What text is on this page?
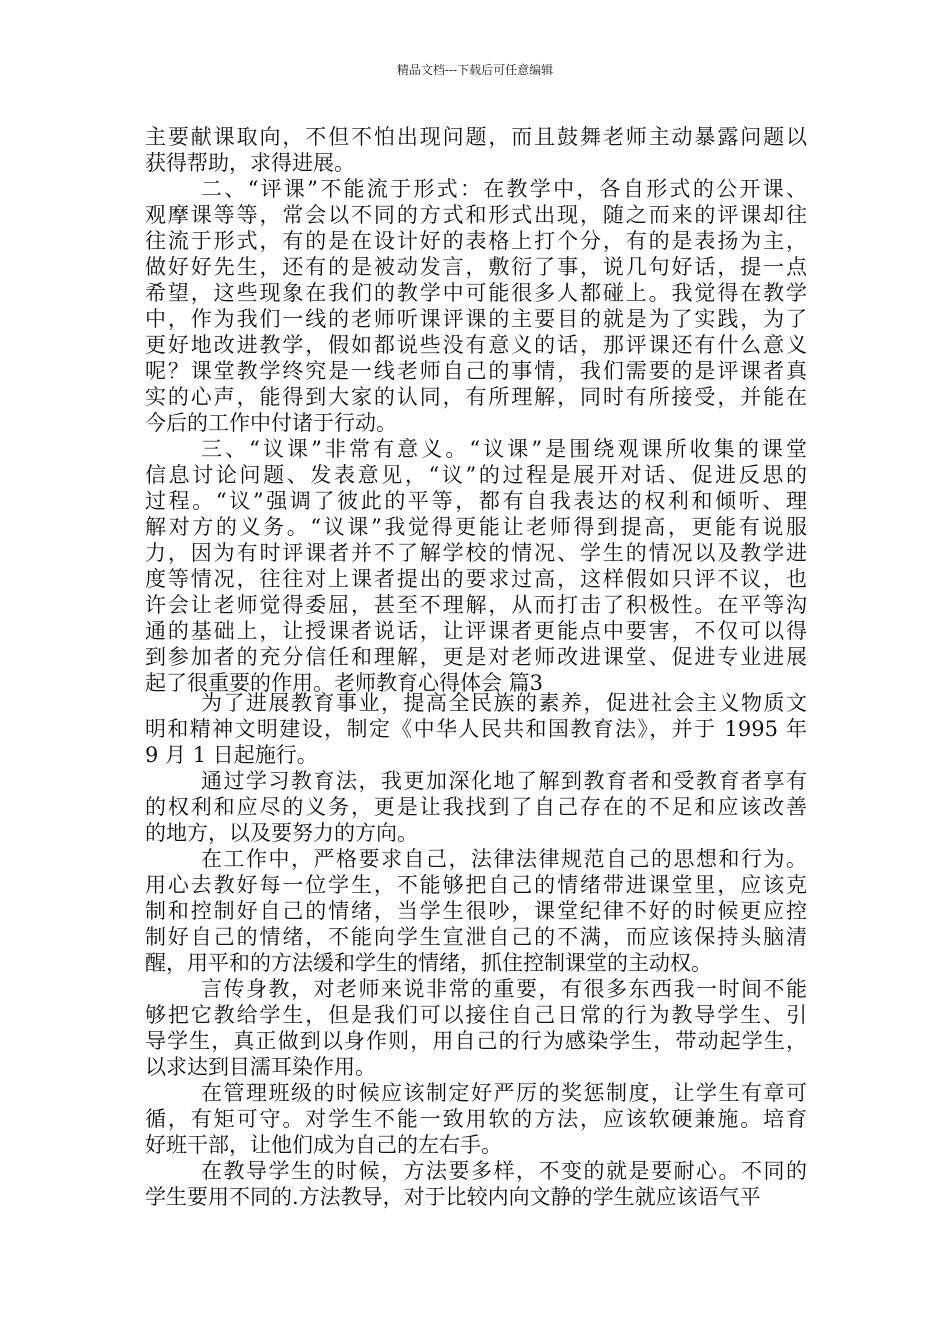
精品文档---下载后可任意编辑
主要献课取向，不但不怕出现问题，而且鼓舞老师主动暴露问题以
获得帮助，求得进展。
二、“评课”不能流于形式：在教学中，各自形式的公开课、
观摩课等等，常会以不同的方式和形式出现，随之而来的评课却往
往流于形式，有的是在设计好的表格上打个分，有的是表扬为主，
做好好先生，还有的是被动发言，敷衍了事，说几句好话，提一点
希望，这些现象在我们的教学中可能很多人都碰上。我觉得在教学
中，作为我们一线的老师听课评课的主要目的就是为了实践，为了
更好地改进教学，假如都说些没有意义的话，那评课还有什么意义
呢？课堂教学终究是一线老师自己的事情，我们需要的是评课者真
实的心声，能得到大家的认同，有所理解，同时有所接受，并能在
今后的工作中付诸于行动。
三、“议课”非常有意义。“议课”是围绕观课所收集的课堂
信息讨论问题、发表意见，“议”的过程是展开对话、促进反思的
过程。“议”强调了彼此的平等，都有自我表达的权利和倾听、理
解对方的义务。“议课”我觉得更能让老师得到提高，更能有说服
力，因为有时评课者并不了解学校的情况、学生的情况以及教学进
度等情况，往往对上课者提出的要求过高，这样假如只评不议，也
许会让老师觉得委屈，甚至不理解，从而打击了积极性。在平等沟
通的基础上，让授课者说话，让评课者更能点中要害，不仅可以得
到参加者的充分信任和理解，更是对老师改进课堂、促进专业进展
起了很重要的作用。老师教育心得体会 篇3
为了进展教育事业，提高全民族的素养，促进社会主义物质文
明和精神文明建设，制定《中华人民共和国教育法》，并于 1995 年
9 月 1 日起施行。
通过学习教育法，我更加深化地了解到教育者和受教育者享有
的权利和应尽的义务，更是让我找到了自己存在的不足和应该改善
的地方，以及要努力的方向。
在工作中，严格要求自己，法律法律规范自己的思想和行为。
用心去教好每一位学生，不能够把自己的情绪带进课堂里，应该克
制和控制好自己的情绪，当学生很吵，课堂纪律不好的时候更应控
制好自己的情绪，不能向学生宣泄自己的不满，而应该保持头脑清
醒，用平和的方法缓和学生的情绪，抓住控制课堂的主动权。
言传身教，对老师来说非常的重要，有很多东西我一时间不能
够把它教给学生，但是我们可以接住自己日常的行为教导学生、引
导学生，真正做到以身作则，用自己的行为感染学生，带动起学生，
以求达到目濡耳染作用。
在管理班级的时候应该制定好严厉的奖惩制度，让学生有章可
循，有矩可守。对学生不能一致用软的方法，应该软硬兼施。培育
好班干部，让他们成为自己的左右手。
在教导学生的时候，方法要多样，不变的就是要耐心。不同的
学生要用不同的.方法教导，对于比较内向文静的学生就应该语气平
